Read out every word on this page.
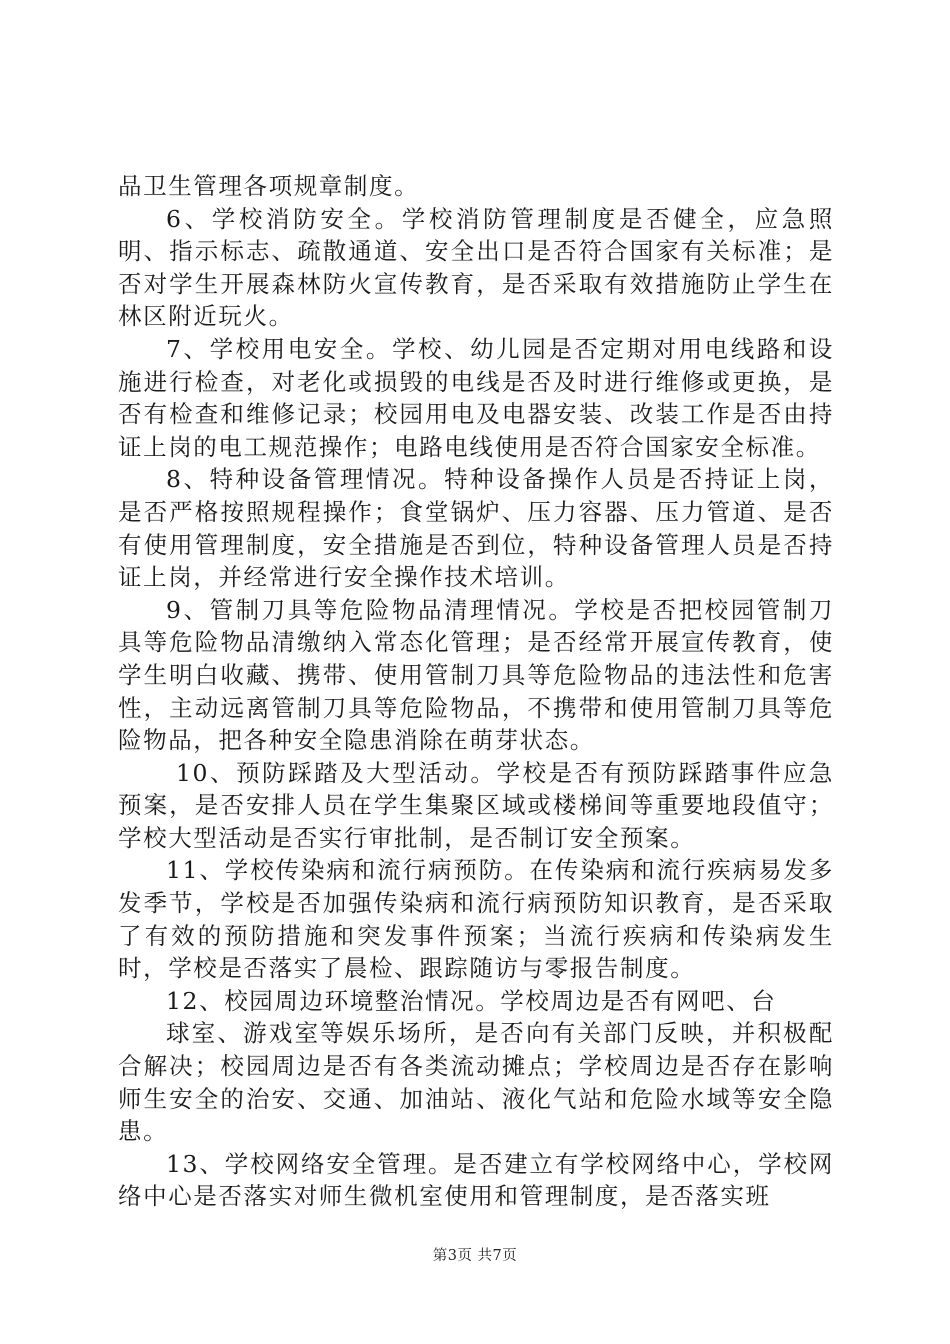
品卫生管理各项规章制度。

6、学校消防安全。学校消防管理制度是否健全，应急照明、指示标志、疏散通道、安全出口是否符合国家有关标准；是否对学生开展森林防火宣传教育，是否采取有效措施防止学生在林区附近玩火。

7、学校用电安全。学校、幼儿园是否定期对用电线路和设施进行检查，对老化或损毁的电线是否及时进行维修或更换，是否有检查和维修记录；校园用电及电器安装、改装工作是否由持证上岗的电工规范操作；电路电线使用是否符合国家安全标准。

8、特种设备管理情况。特种设备操作人员是否持证上岗，是否严格按照规程操作；食堂锅炉、压力容器、压力管道、是否有使用管理制度，安全措施是否到位，特种设备管理人员是否持证上岗，并经常进行安全操作技术培训。

9、管制刀具等危险物品清理情况。学校是否把校园管制刀具等危险物品清缴纳入常态化管理；是否经常开展宣传教育，使学生明白收藏、携带、使用管制刀具等危险物品的违法性和危害性，主动远离管制刀具等危险物品，不携带和使用管制刀具等危险物品，把各种安全隐患消除在萌芽状态。

10、预防踩踏及大型活动。学校是否有预防踩踏事件应急预案，是否安排人员在学生集聚区域或楼梯间等重要地段值守；学校大型活动是否实行审批制，是否制订安全预案。

11、学校传染病和流行病预防。在传染病和流行疾病易发多发季节，学校是否加强传染病和流行病预防知识教育，是否采取了有效的预防措施和突发事件预案；当流行疾病和传染病发生时，学校是否落实了晨检、跟踪随访与零报告制度。

12、校园周边环境整治情况。学校周边是否有网吧、台

球室、游戏室等娱乐场所，是否向有关部门反映，并积极配合解决；校园周边是否有各类流动摊点；学校周边是否存在影响师生安全的治安、交通、加油站、液化气站和危险水域等安全隐患。

13、学校网络安全管理。是否建立有学校网络中心，学校网络中心是否落实对师生微机室使用和管理制度，是否落实班

第3页 共7页
